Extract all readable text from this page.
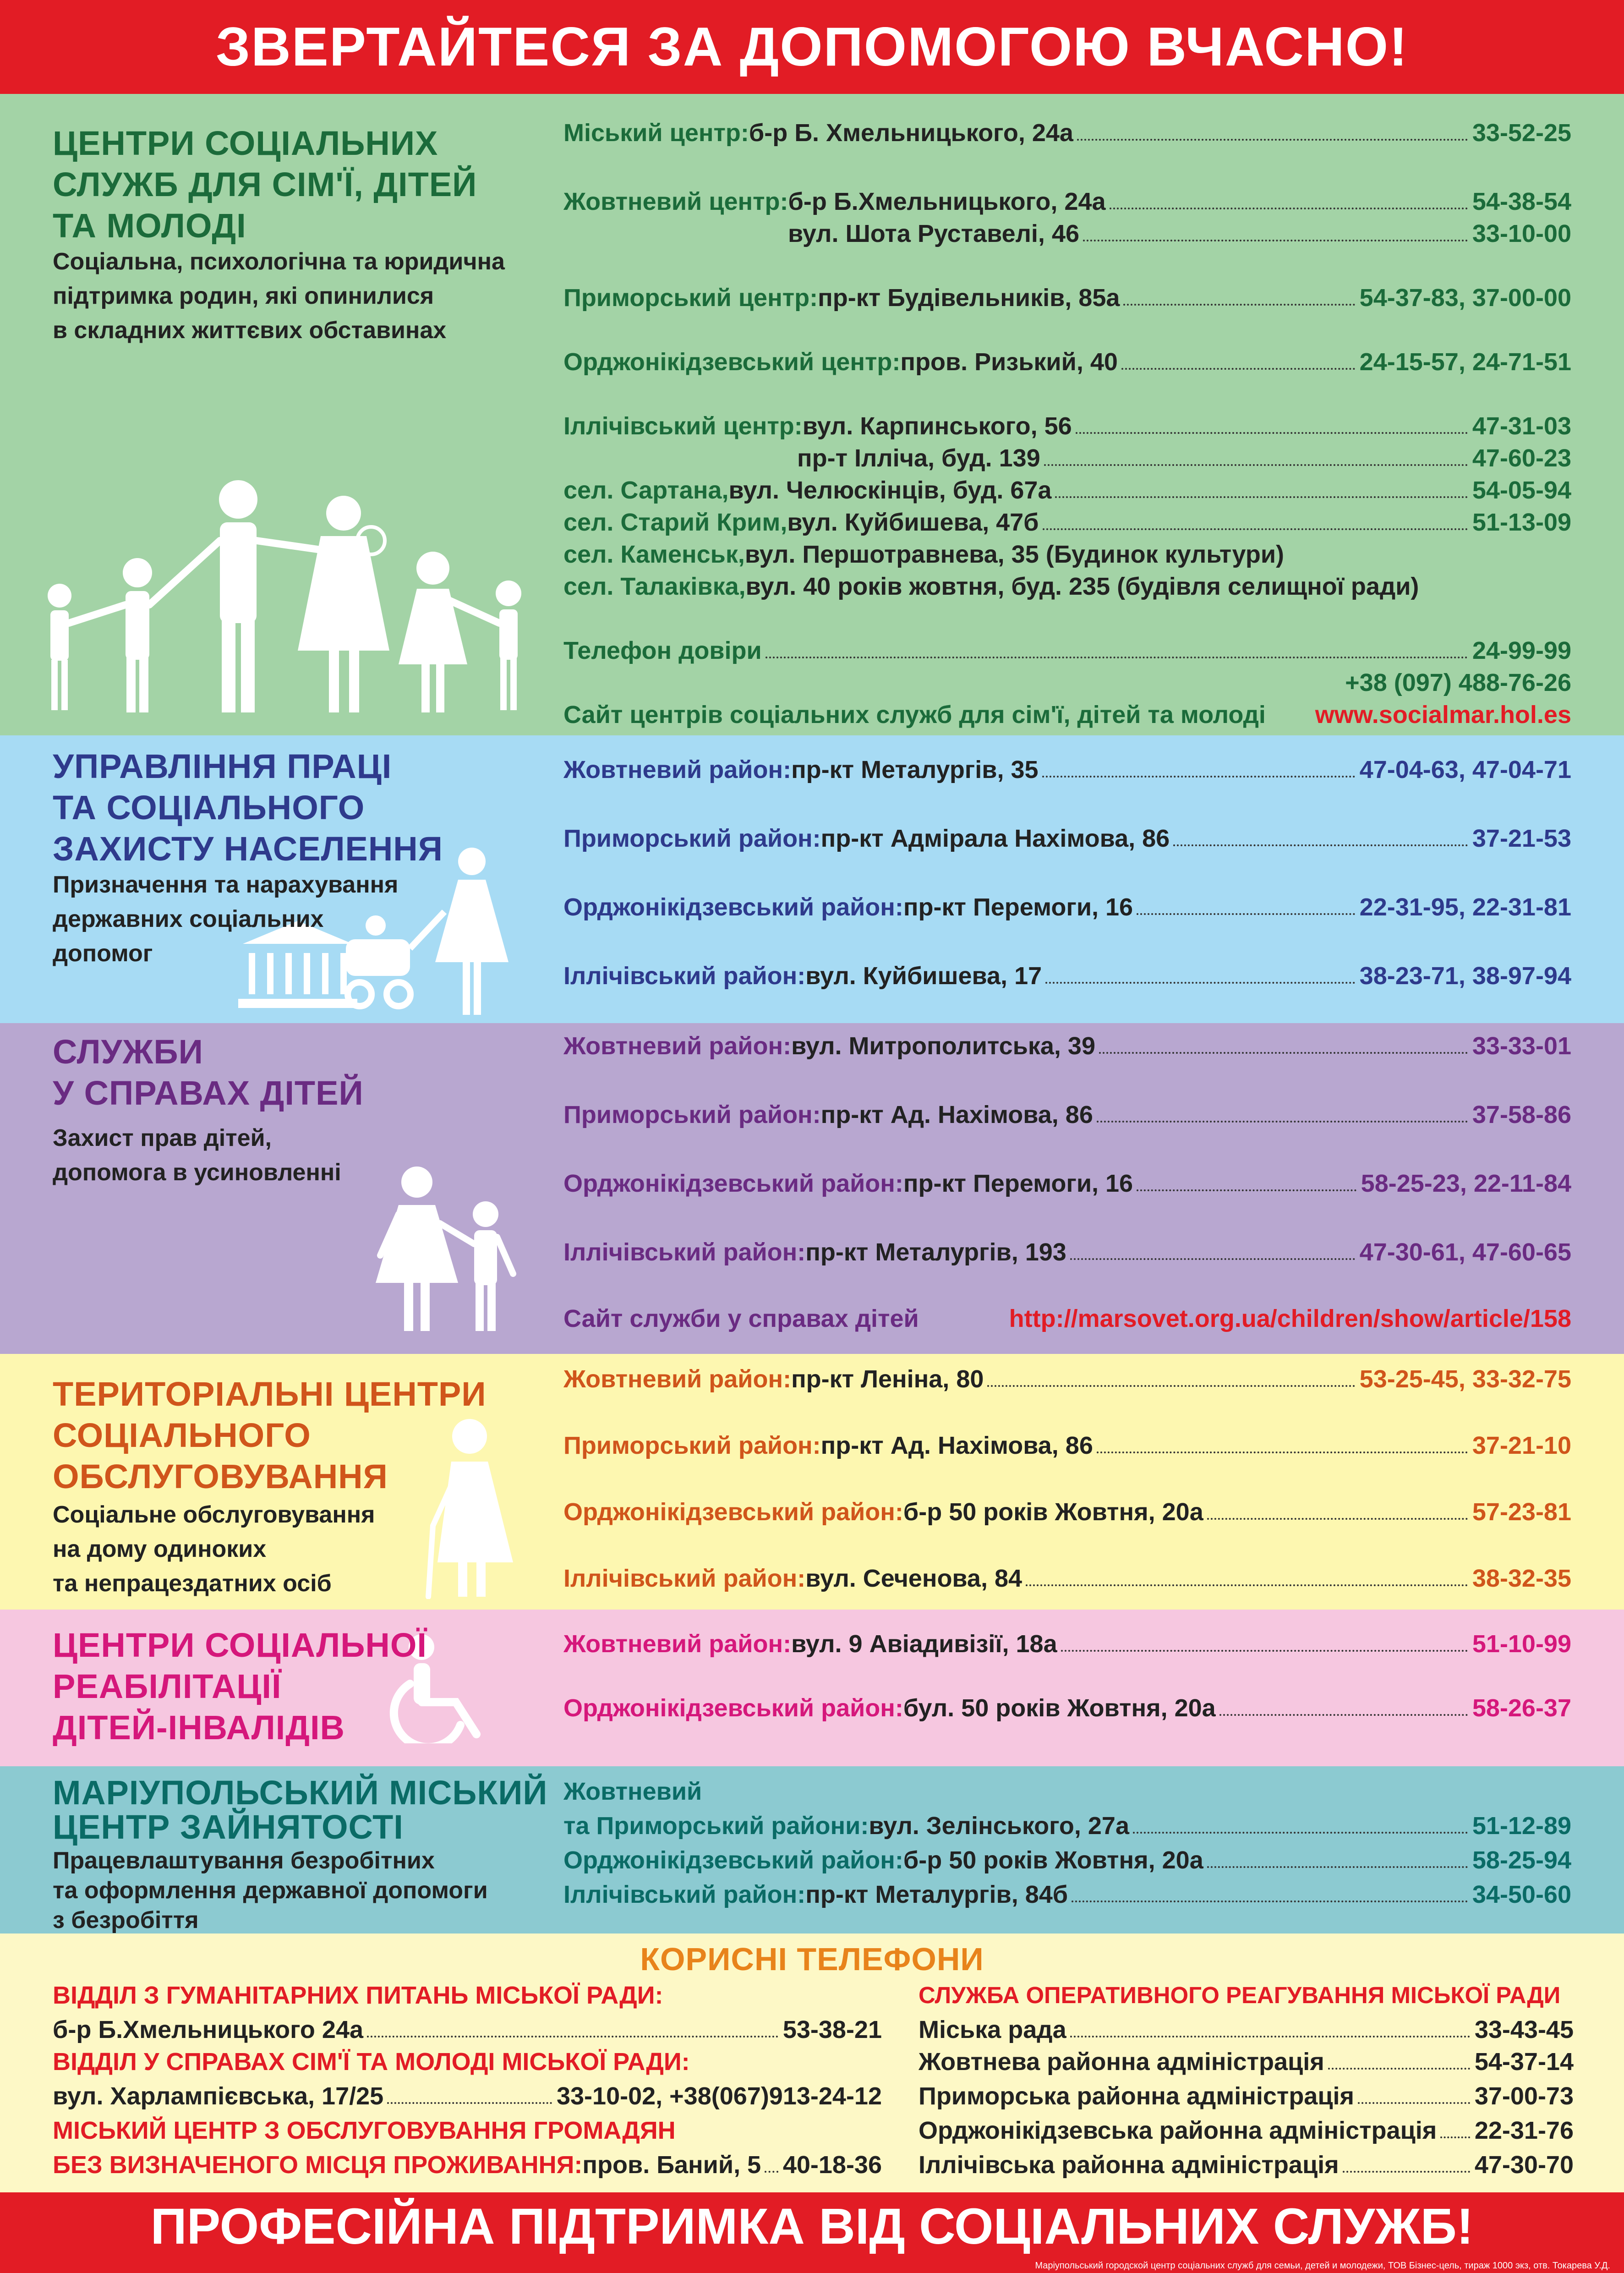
ЗВЕРТАЙТЕСЯ ЗА ДОПОМОГОЮ ВЧАСНО!
ПРОФЕСІЙНА ПІДТРИМКА ВІД СОЦІАЛЬНИХ СЛУЖБ!
Маріупольський городской центр соціальних служб для семьи, детей и молодежи, ТОВ Бізнес-цель, тираж 1000 экз, отв. Токарева У.Д.
ЦЕНТРИ СОЦІАЛЬНИХ
СЛУЖБ ДЛЯ СІМ'Ї, ДІТЕЙ
ТА МОЛОДІ
Соціальна, психологічна та юридична
підтримка родин, які опинилися
в складних життєвих обставинах
Міський центр: б-р Б. Хмельницького, 24а	33-52-25
Жовтневий центр: б-р Б.Хмельницького, 24а	54-38-54
вул. Шота Руставелі, 46	33-10-00
Приморський центр: пр-кт Будівельників, 85а	54-37-83, 37-00-00
Орджонікідзевський центр: пров. Ризький, 40	24-15-57, 24-71-51
Іллічівський центр: вул. Карпинського, 56	47-31-03
пр-т Ілліча, буд. 139	47-60-23
сел. Сартана, вул. Челюскінців, буд. 67а	54-05-94
сел. Старий Крим, вул. Куйбишева, 47б	51-13-09
сел. Каменськ, вул. Першотравнева, 35 (Будинок культури)
сел. Талаківка, вул. 40 років жовтня, буд. 235 (будівля селищної ради)
Телефон довіри	24-99-99
+38 (097) 488-76-26
Сайт центрів соціальних служб для сім'ї, дітей та молоді www.socialmar.hol.es
УПРАВЛІННЯ ПРАЦІ
ТА СОЦІАЛЬНОГО
ЗАХИСТУ НАСЕЛЕННЯ
Призначення та нарахування
державних соціальних
допомог
Жовтневий район: пр-кт Металургів, 35	47-04-63, 47-04-71
Приморський район: пр-кт Адмірала Нахімова, 86	37-21-53
Орджонікідзевський район: пр-кт Перемоги, 16	22-31-95, 22-31-81
Іллічівський район: вул. Куйбишева, 17	38-23-71, 38-97-94
СЛУЖБИ
У СПРАВАХ ДІТЕЙ
Захист прав дітей,
допомога в усиновленні
Жовтневий район: вул. Митрополитська, 39	33-33-01
Приморський район: пр-кт Ад. Нахімова, 86	37-58-86
Орджонікідзевський район: пр-кт Перемоги, 16	58-25-23, 22-11-84
Іллічівський район: пр-кт Металургів, 193	47-30-61, 47-60-65
Сайт служби у справах дітей	http://marsovet.org.ua/children/show/article/158
ТЕРИТОРІАЛЬНІ ЦЕНТРИ
СОЦІАЛЬНОГО
ОБСЛУГОВУВАННЯ
Соціальне обслуговування
на дому одиноких
та непрацездатних осіб
Жовтневий район: пр-кт Леніна, 80	53-25-45, 33-32-75
Приморський район: пр-кт Ад. Нахімова, 86	37-21-10
Орджонікідзевський район: б-р 50 років Жовтня, 20а	57-23-81
Іллічівський район: вул. Сеченова, 84	38-32-35
ЦЕНТРИ СОЦІАЛЬНОЇ
РЕАБІЛІТАЦІЇ
ДІТЕЙ-ІНВАЛІДІВ
Жовтневий район: вул. 9 Авіадивізії, 18а	51-10-99
Орджонікідзевський район: бул. 50 років Жовтня, 20а	58-26-37
МАРІУПОЛЬСЬКИЙ МІСЬКИЙ
ЦЕНТР ЗАЙНЯТОСТІ
Працевлаштування безробітних
та оформлення державної допомоги
з безробіття
Жовтневий
та Приморський райони: вул. Зелінського, 27а	51-12-89
Орджонікідзевський район: б-р 50 років Жовтня, 20а	58-25-94
Іллічівський район: пр-кт Металургів, 84б	34-50-60
КОРИСНІ ТЕЛЕФОНИ
ВІДДІЛ З ГУМАНІТАРНИХ ПИТАНЬ МІСЬКОЇ РАДИ:
б-р Б.Хмельницького 24а	53-38-21
ВІДДІЛ У СПРАВАХ СІМ'Ї ТА МОЛОДІ МІСЬКОЇ РАДИ:
вул. Харлампієвська, 17/25	33-10-02, +38(067)913-24-12
МІСЬКИЙ ЦЕНТР З ОБСЛУГОВУВАННЯ ГРОМАДЯН
БЕЗ ВИЗНАЧЕНОГО МІСЦЯ ПРОЖИВАННЯ: пров. Баний, 5 40-18-36
СЛУЖБА ОПЕРАТИВНОГО РЕАГУВАННЯ МІСЬКОЇ РАДИ
Міська рада	33-43-45
Жовтнева районна адміністрація	54-37-14
Приморська районна адміністрація	37-00-73
Орджонікідзевська районна адміністрація 22-31-76
Іллічівська районна адміністрація	47-30-70
